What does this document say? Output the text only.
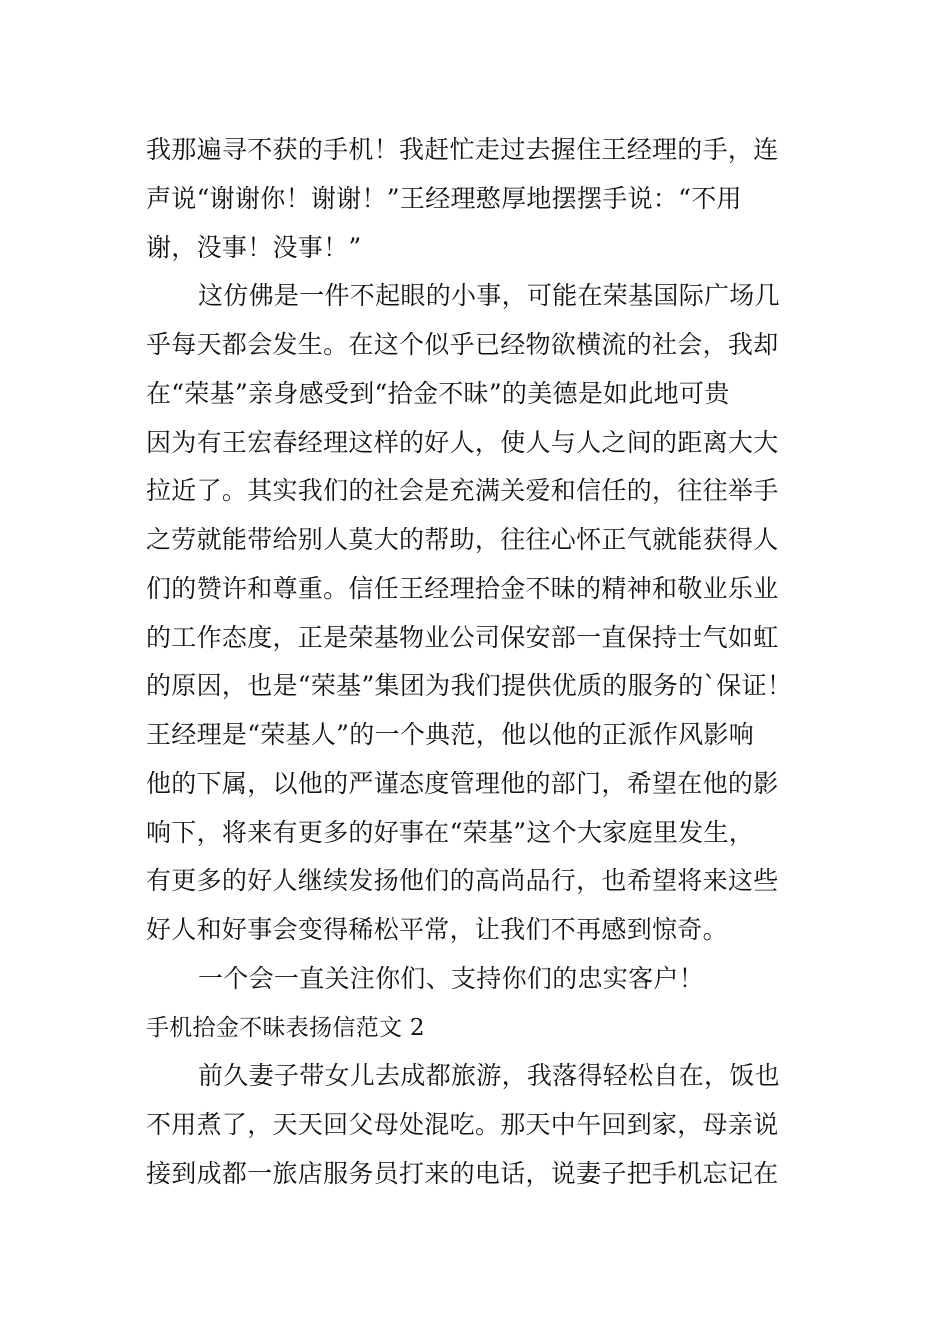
我那遍寻不获的手机！我赶忙走过去握住王经理的手，连
声说“谢谢你！谢谢！”王经理憨厚地摆摆手说：“不用
谢，没事！没事！”
这仿佛是一件不起眼的小事，可能在荣基国际广场几
乎每天都会发生。在这个似乎已经物欲横流的社会，我却
在“荣基”亲身感受到“拾金不昧”的美德是如此地可贵
因为有王宏春经理这样的好人，使人与人之间的距离大大
拉近了。其实我们的社会是充满关爱和信任的，往往举手
之劳就能带给别人莫大的帮助，往往心怀正气就能获得人
们的赞许和尊重。信任王经理拾金不昧的精神和敬业乐业
的工作态度，正是荣基物业公司保安部一直保持士气如虹
的原因，也是“荣基”集团为我们提供优质的服务的`保证！
王经理是“荣基人”的一个典范，他以他的正派作风影响
他的下属，以他的严谨态度管理他的部门，希望在他的影
响下，将来有更多的好事在“荣基”这个大家庭里发生，
有更多的好人继续发扬他们的高尚品行，也希望将来这些
好人和好事会变得稀松平常，让我们不再感到惊奇。
一个会一直关注你们、支持你们的忠实客户！
手机拾金不昧表扬信范文 2
前久妻子带女儿去成都旅游，我落得轻松自在，饭也
不用煮了，天天回父母处混吃。那天中午回到家，母亲说
接到成都一旅店服务员打来的电话，说妻子把手机忘记在
